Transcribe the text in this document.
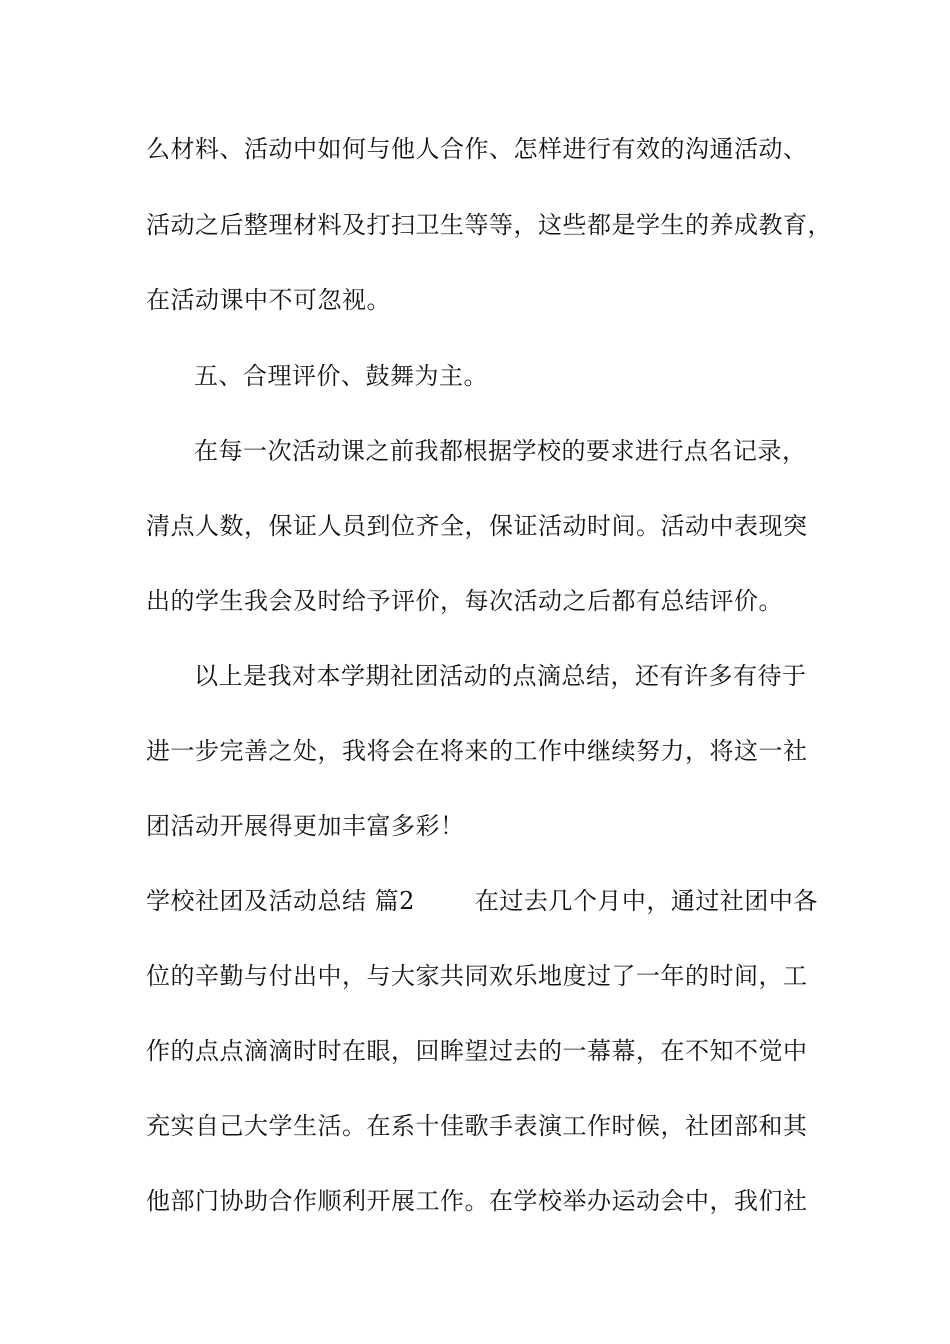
么材料、活动中如何与他人合作、怎样进行有效的沟通活动、
活动之后整理材料及打扫卫生等等，这些都是学生的养成教育，
在活动课中不可忽视。
五、合理评价、鼓舞为主。
在每一次活动课之前我都根据学校的要求进行点名记录，
清点人数，保证人员到位齐全，保证活动时间。活动中表现突
出的学生我会及时给予评价，每次活动之后都有总结评价。
以上是我对本学期社团活动的点滴总结，还有许多有待于
进一步完善之处，我将会在将来的工作中继续努力，将这一社
团活动开展得更加丰富多彩！
学校社团及活动总结 篇2	在过去几个月中，通过社团中各
位的辛勤与付出中，与大家共同欢乐地度过了一年的时间，工
作的点点滴滴时时在眼，回眸望过去的一幕幕，在不知不觉中
充实自己大学生活。在系十佳歌手表演工作时候，社团部和其
他部门协助合作顺利开展工作。在学校举办运动会中，我们社
